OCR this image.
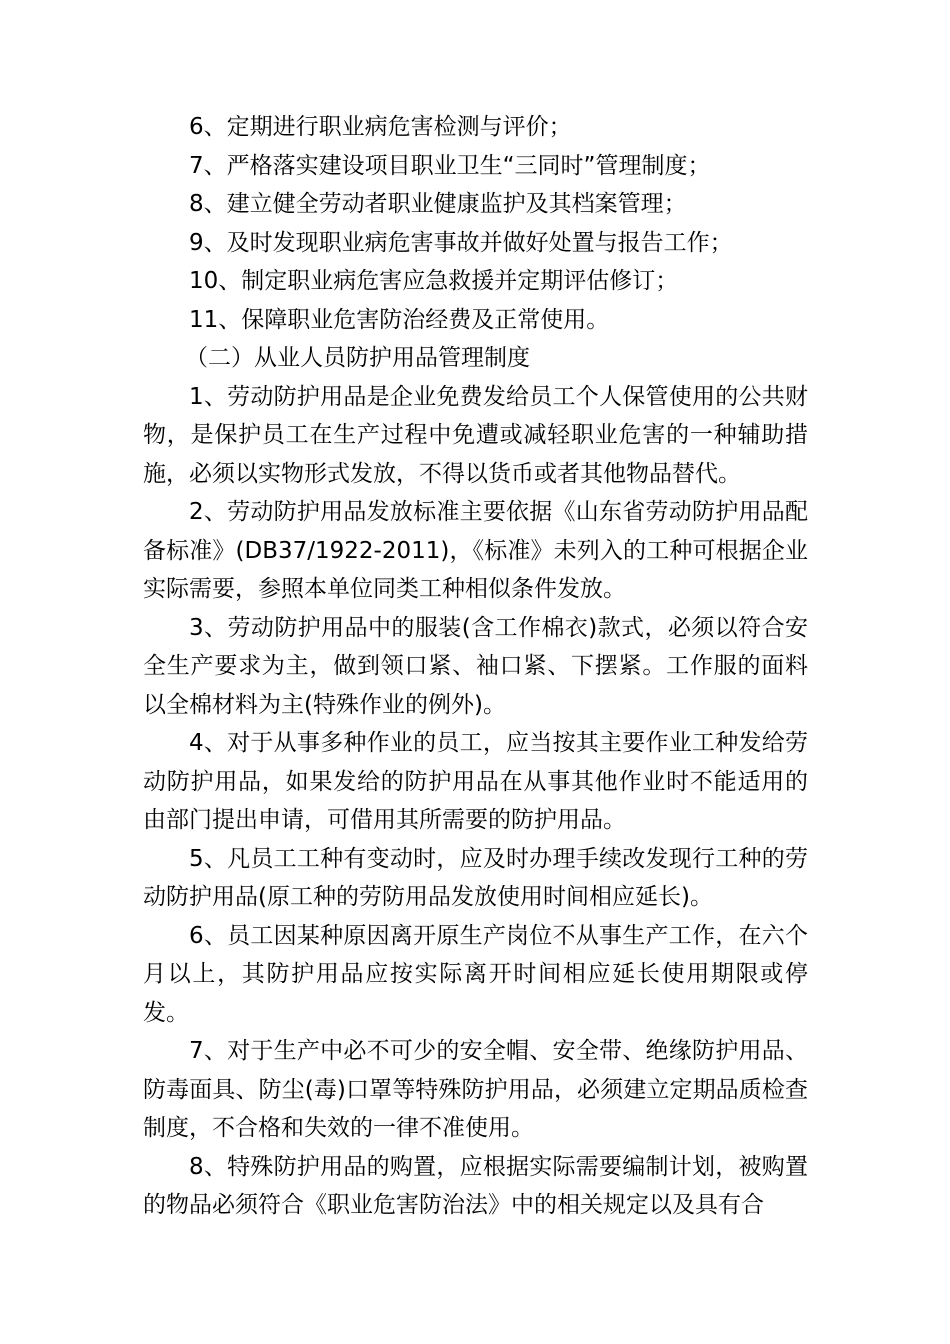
6、定期进行职业病危害检测与评价；

7、严格落实建设项目职业卫生“三同时”管理制度；

8、建立健全劳动者职业健康监护及其档案管理；

9、及时发现职业病危害事故并做好处置与报告工作；

10、制定职业病危害应急救援并定期评估修订；

11、保障职业危害防治经费及正常使用。

（二）从业人员防护用品管理制度

1、劳动防护用品是企业免费发给员工个人保管使用的公共财物，是保护员工在生产过程中免遭或减轻职业危害的一种辅助措施，必须以实物形式发放，不得以货币或者其他物品替代。

2、劳动防护用品发放标准主要依据《山东省劳动防护用品配备标准》(DB37/1922-2011)，《标准》未列入的工种可根据企业实际需要，参照本单位同类工种相似条件发放。

3、劳动防护用品中的服装(含工作棉衣)款式，必须以符合安全生产要求为主，做到领口紧、袖口紧、下摆紧。工作服的面料以全棉材料为主(特殊作业的例外)。

4、对于从事多种作业的员工，应当按其主要作业工种发给劳动防护用品，如果发给的防护用品在从事其他作业时不能适用的由部门提出申请，可借用其所需要的防护用品。

5、凡员工工种有变动时，应及时办理手续改发现行工种的劳动防护用品(原工种的劳防用品发放使用时间相应延长)。

6、员工因某种原因离开原生产岗位不从事生产工作，在六个月以上，其防护用品应按实际离开时间相应延长使用期限或停发。

7、对于生产中必不可少的安全帽、安全带、绝缘防护用品、防毒面具、防尘(毒)口罩等特殊防护用品，必须建立定期品质检查制度，不合格和失效的一律不准使用。

8、特殊防护用品的购置，应根据实际需要编制计划，被购置的物品必须符合《职业危害防治法》中的相关规定以及具有合
